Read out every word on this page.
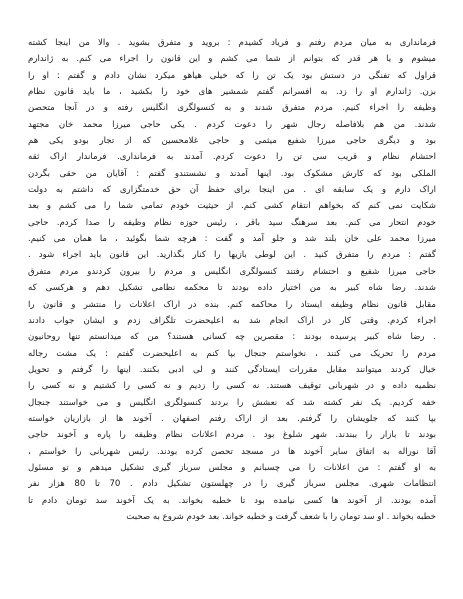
فرمانداری به میان مردم رفتم و فریاد کشیدم : بروید و متفرق بشوید . والا من اینجا کشته
میشوم و یا هر قدر که بتوانم از شما می کشم و این قانون را اجراء می کنم. به ژاندارم
قراول که تفنگی در دستش بود یک تن را که خیلی هیاهو میکرد نشان دادم و گفتم : او را
بزن. ژاندارم او را زد. به افسرانم گفتم شمشیر های خود را بکشید ، ما باید قانون نظام
وظیفه را اجراء کنیم. مردم متفرق شدند و به کنسولگری انگلیس رفته و در آنجا متحصن
شدند. من هم بلافاصله رجال شهر را دعوت کردم . یکی حاجی میرزا محمد خان مجتهد
بود و دیگری حاجی میرزا شفیع میثمی و حاجی غلامحسین که از تجار بودو یکی هم
احتشام نظام و قریب سی تن را دعوت کردم. آمدند به فرمانداری. فرماندار اراک ثقه
الملکی بود که کارش مشکوک بود. اینها آمدند و نشستندو گفتم : آقایان من حقی بگردن
اراک دارم و یک سابقه ای . من اینجا برای حفظ آن حق خدمتگزاری که داشتم به دولت
شکایت نمی کنم که بخواهم انتقام کشی کنم. از حیثیت خودم تمامی شما را می کشم و بعد
خودم انتحار می کنم. بعد سرهنگ سید باقر ، رئیس حوزه نظام وظیفه را صدا کردم. حاجی
میرزا محمد علی خان بلند شد و جلو آمد و گفت : هرچه شما بگوئید ، ما همان می کنیم.
گفتم : مردم را متفرق کنید . این لوطی بازیها را کنار بگذارید. این قانون باید اجراء شود .
حاجی میرزا شفیع و احتشام رفتند کنسولگری انگلیس و مردم را بیرون کردندو مردم متفرق
شدند. رضا شاه کبیر به من اختیار داده بودند تا محکمه نظامی تشکیل دهم و هرکسی که
مقابل قانون نظام وظیفه ایستاد را محاکمه کنم. بنده در اراک اعلانات را منتشر و قانون را
اجراء کردم. وقتی کار در اراک انجام شد به اعلیحضرت تلگراف زدم و ایشان جواب دادند
. رضا شاه کبیر پرسیده بودند : مقصرین چه کسانی هستند؟ من که میدانستم تنها روحانیون
مردم را تحریک می کنند ، نخواستم جنجال بپا کنم به اعلیحضرت گفتم : یک مشت رجاله
خیال کردند میتوانند مقابل مقررات ایستادگی کنند و لی ادبی بکنند. اینها را گرفتم و تحویل
نظمیه داده و در شهربانی توقیف هستند. نه کسی را زدیم و نه کسی را کشتیم و نه کسی را
خفه کردیم. یک نفر کشته شد که نعشش را بردند کنسولگری انگلیس و می خواستند جنجال
بپا کنند که جلویشان را گرفتم. بعد از اراک رفتم اصفهان . آخوند ها از بازاریان خواسته
بودند تا بازار را ببندند. شهر شلوغ بود . مردم اعلانات نظام وظیفه را پاره و آخوند حاجی
آقا نوراله به اتفاق سایر آخوند ها در مسجد تحصن کرده بودند. رئیس شهربانی را خواستم ،
به او گفتم : من اعلانات را می چسبانم و مجلس سرباز گیری تشکیل میدهم و تو مسئول
انتظامات شهری. مجلس سرباز گیری را در چهلستون تشکیل دادم . 70 تا 80 هزار نفر
آمده بودند. از آخوند ها کسی نیامده بود تا خطبه بخواند. به یک آخوند سد تومان دادم تا
خطبه بخواند . او سد تومان را با شعف گرفت و خطبه خواند. بعد خودم شروع به صحبت
